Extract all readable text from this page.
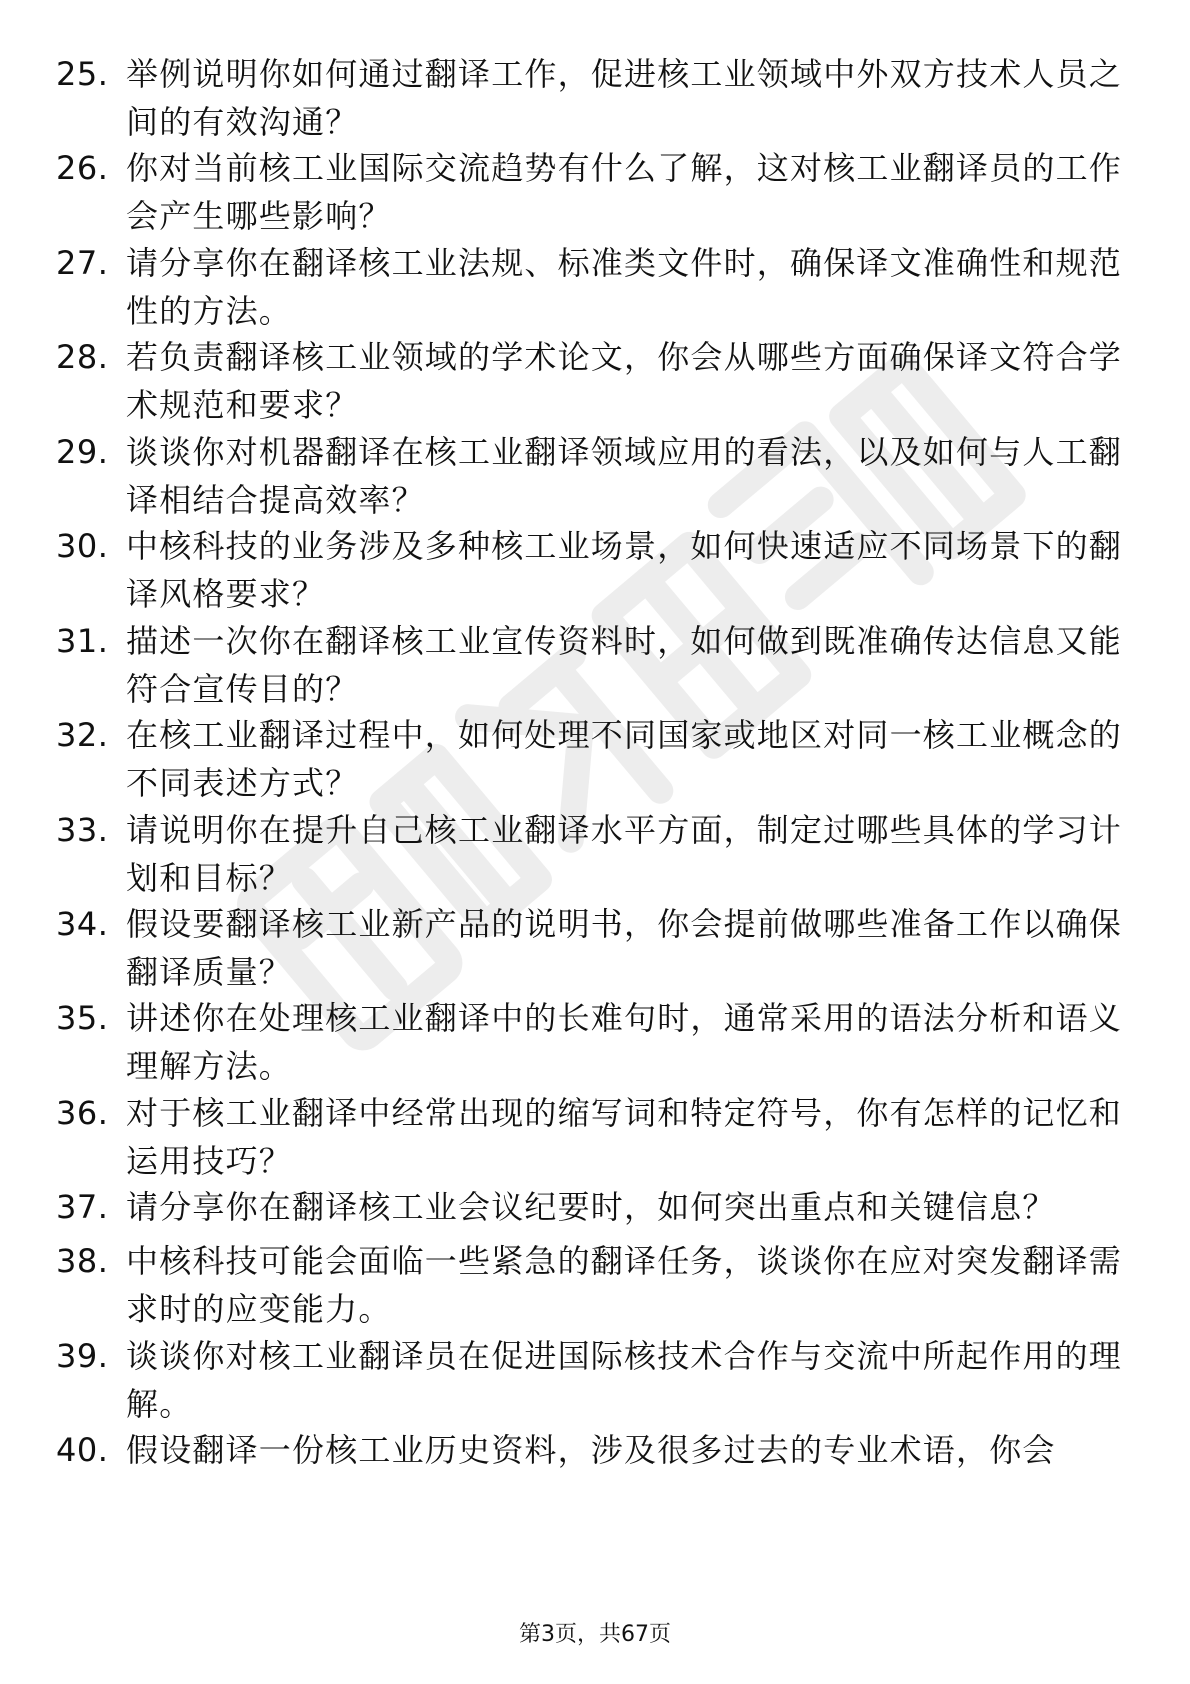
25. 举例说明你如何通过翻译工作，促进核工业领域中外双方技术人员之间的有效沟通？
26. 你对当前核工业国际交流趋势有什么了解，这对核工业翻译员的工作会产生哪些影响？
27. 请分享你在翻译核工业法规、标准类文件时，确保译文准确性和规范性的方法。
28. 若负责翻译核工业领域的学术论文，你会从哪些方面确保译文符合学术规范和要求？
29. 谈谈你对机器翻译在核工业翻译领域应用的看法，以及如何与人工翻译相结合提高效率？
30. 中核科技的业务涉及多种核工业场景，如何快速适应不同场景下的翻译风格要求？
31. 描述一次你在翻译核工业宣传资料时，如何做到既准确传达信息又能符合宣传目的？
32. 在核工业翻译过程中，如何处理不同国家或地区对同一核工业概念的不同表述方式？
33. 请说明你在提升自己核工业翻译水平方面，制定过哪些具体的学习计划和目标？
34. 假设要翻译核工业新产品的说明书，你会提前做哪些准备工作以确保翻译质量？
35. 讲述你在处理核工业翻译中的长难句时，通常采用的语法分析和语义理解方法。
36. 对于核工业翻译中经常出现的缩写词和特定符号，你有怎样的记忆和运用技巧？
37. 请分享你在翻译核工业会议纪要时，如何突出重点和关键信息？
38. 中核科技可能会面临一些紧急的翻译任务，谈谈你在应对突发翻译需求时的应变能力。
39. 谈谈你对核工业翻译员在促进国际核技术合作与交流中所起作用的理解。
40. 假设翻译一份核工业历史资料，涉及很多过去的专业术语，你会
第3页，共67页
